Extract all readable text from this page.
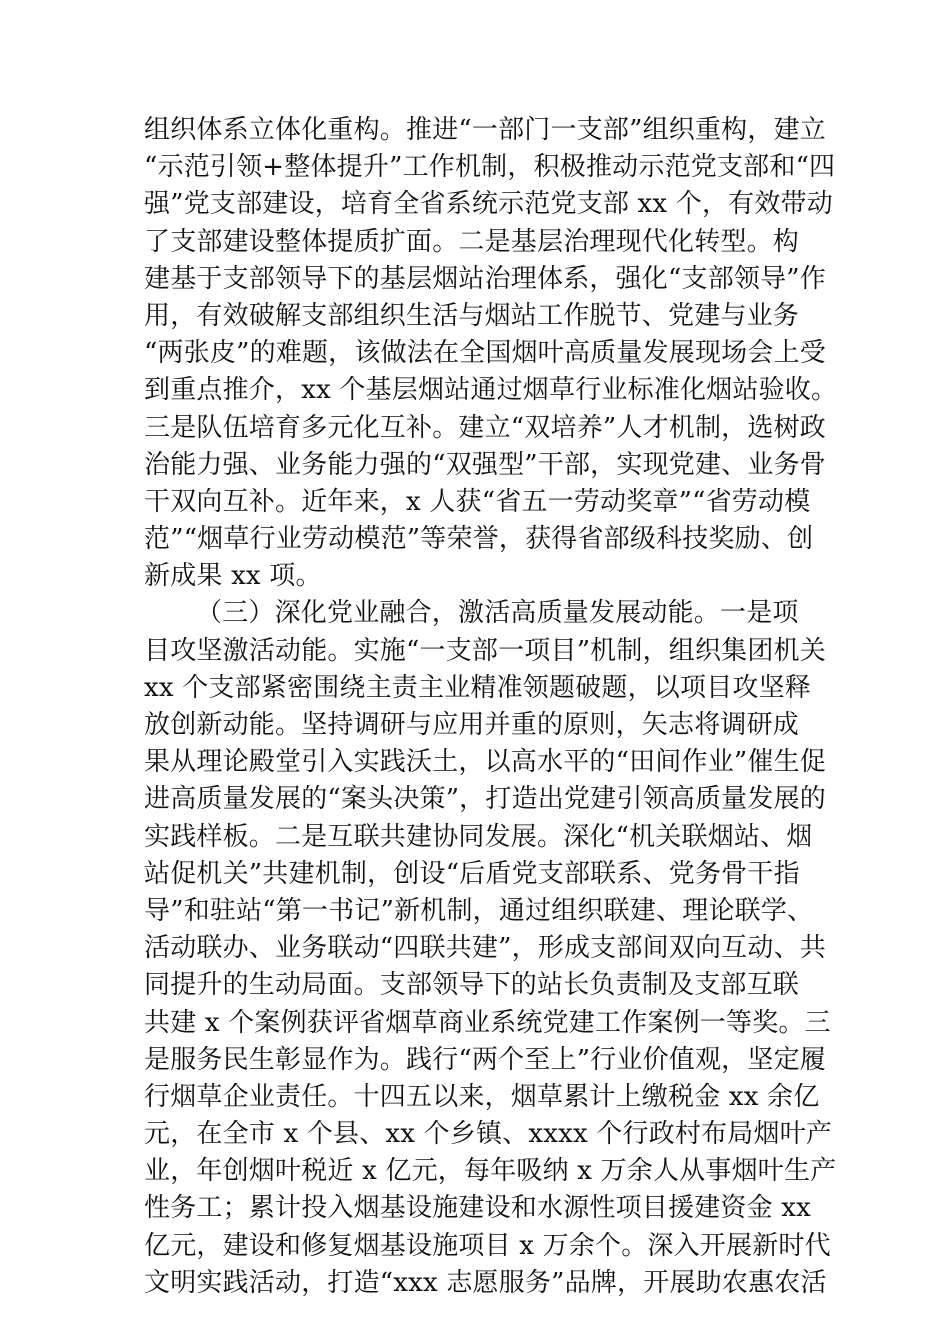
组织体系立体化重构。推进“一部门一支部”组织重构，建立
“示范引领+整体提升”工作机制，积极推动示范党支部和“四
强”党支部建设，培育全省系统示范党支部 xx 个，有效带动
了支部建设整体提质扩面。二是基层治理现代化转型。构
建基于支部领导下的基层烟站治理体系，强化“支部领导”作
用，有效破解支部组织生活与烟站工作脱节、党建与业务
“两张皮”的难题，该做法在全国烟叶高质量发展现场会上受
到重点推介，xx 个基层烟站通过烟草行业标准化烟站验收。
三是队伍培育多元化互补。建立“双培养”人才机制，选树政
治能力强、业务能力强的“双强型”干部，实现党建、业务骨
干双向互补。近年来，x 人获“省五一劳动奖章”“省劳动模
范”“烟草行业劳动模范”等荣誉，获得省部级科技奖励、创
新成果 xx 项。
（三）深化党业融合，激活高质量发展动能。一是项
目攻坚激活动能。实施“一支部一项目”机制，组织集团机关
xx 个支部紧密围绕主责主业精准领题破题，以项目攻坚释
放创新动能。坚持调研与应用并重的原则，矢志将调研成
果从理论殿堂引入实践沃土，以高水平的“田间作业”催生促
进高质量发展的“案头决策”，打造出党建引领高质量发展的
实践样板。二是互联共建协同发展。深化“机关联烟站、烟
站促机关”共建机制，创设“后盾党支部联系、党务骨干指
导”和驻站“第一书记”新机制，通过组织联建、理论联学、
活动联办、业务联动“四联共建”，形成支部间双向互动、共
同提升的生动局面。支部领导下的站长负责制及支部互联
共建 x 个案例获评省烟草商业系统党建工作案例一等奖。三
是服务民生彰显作为。践行“两个至上”行业价值观，坚定履
行烟草企业责任。十四五以来，烟草累计上缴税金 xx 余亿
元，在全市 x 个县、xx 个乡镇、xxxx 个行政村布局烟叶产
业，年创烟叶税近 x 亿元，每年吸纳 x 万余人从事烟叶生产
性务工；累计投入烟基设施建设和水源性项目援建资金 xx
亿元，建设和修复烟基设施项目 x 万余个。深入开展新时代
文明实践活动，打造“xxx 志愿服务”品牌，开展助农惠农活
